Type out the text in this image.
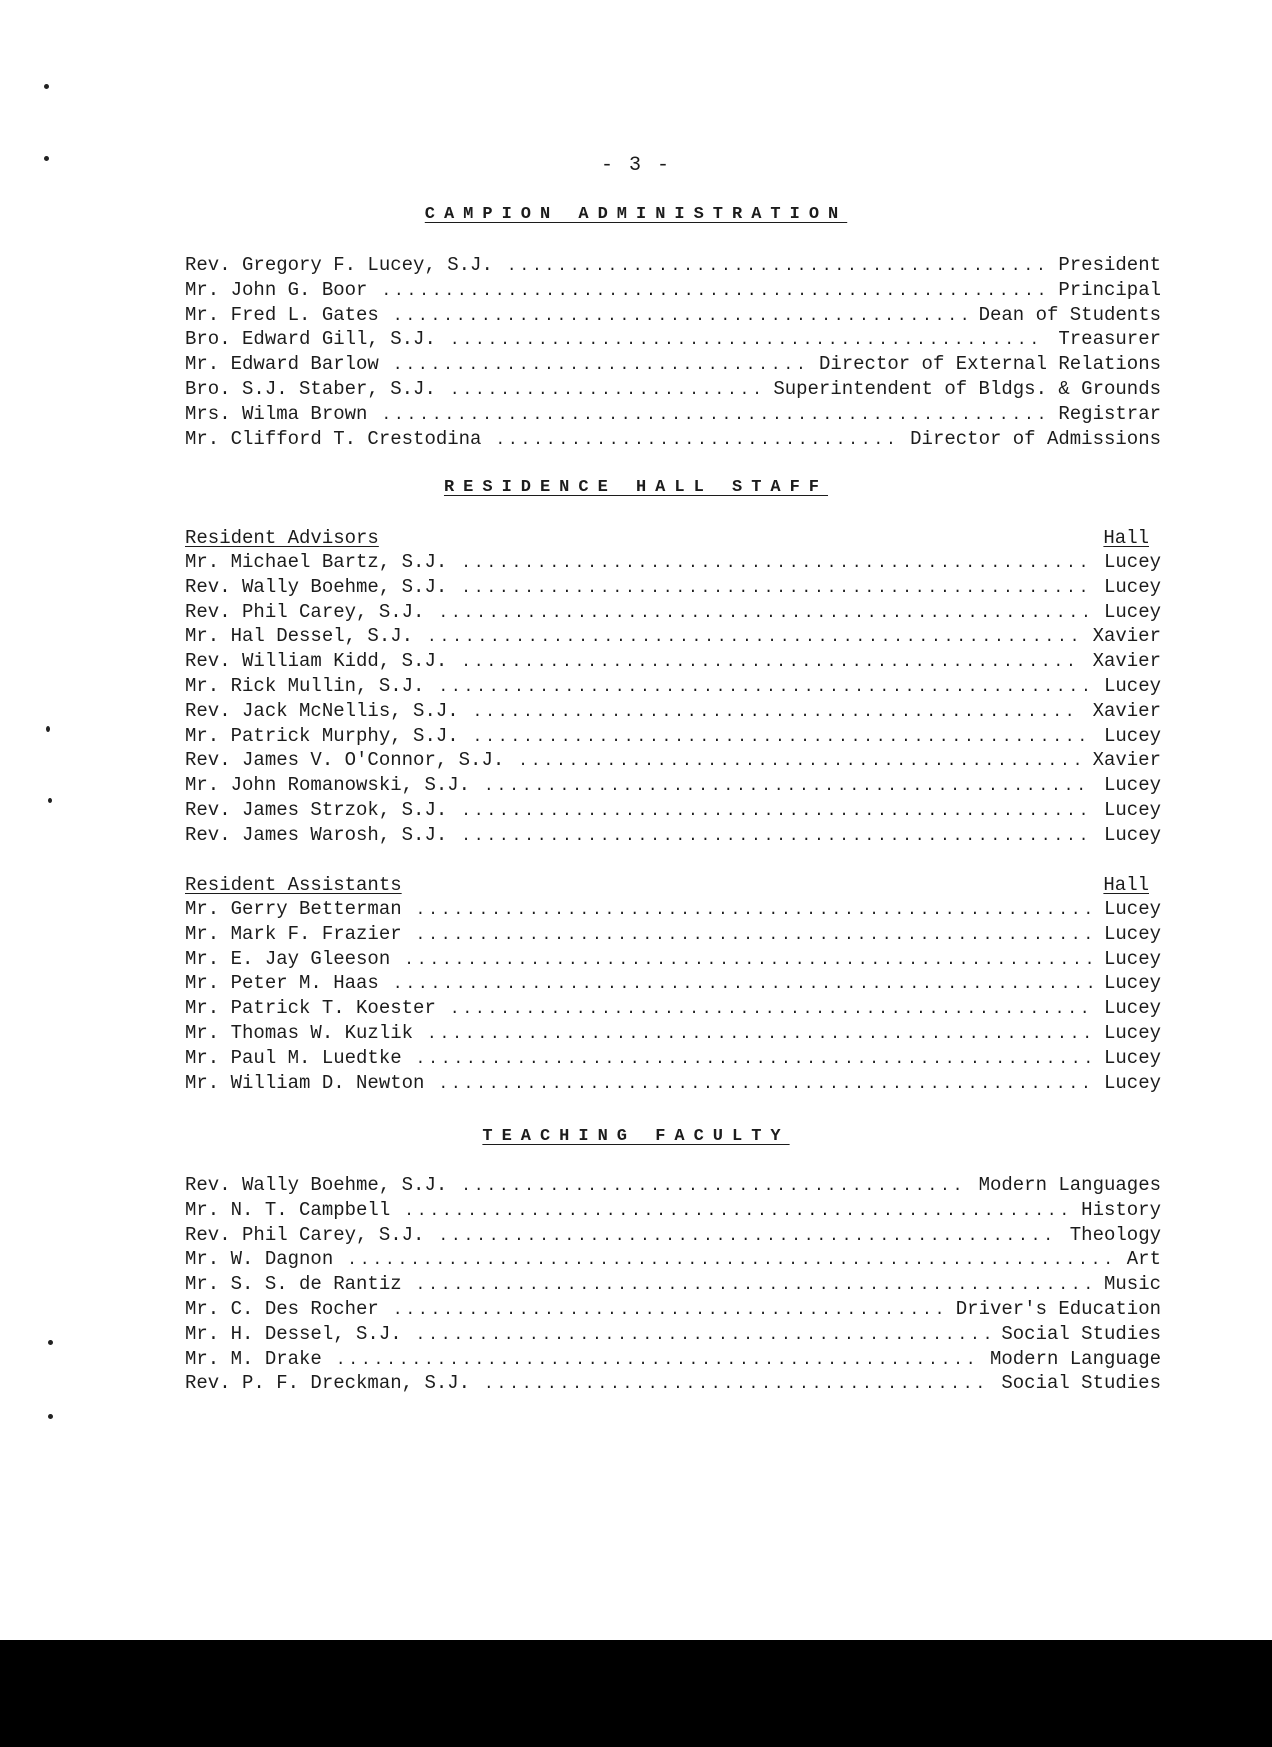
- 3 -
CAMPION ADMINISTRATION
Rev. Gregory F. Lucey, S.J. .....	President
Mr. John G. Boor .....	Principal
Mr. Fred L. Gates .....	Dean of Students
Bro. Edward Gill, S.J. .....	Treasurer
Mr. Edward Barlow .....	Director of External Relations
Bro. S.J. Staber, S.J. .....	Superintendent of Bldgs. & Grounds
Mrs. Wilma Brown .....	Registrar
Mr. Clifford T. Crestodina .....	Director of Admissions
RESIDENCE HALL STAFF
Resident Advisors	Hall
Mr. Michael Bartz, S.J. .....	Lucey
Rev. Wally Boehme, S.J. .....	Lucey
Rev. Phil Carey, S.J. .....	Lucey
Mr. Hal Dessel, S.J. .....	Xavier
Rev. William Kidd, S.J. .....	Xavier
Mr. Rick Mullin, S.J. .....	Lucey
Rev. Jack McNellis, S.J. .....	Xavier
Mr. Patrick Murphy, S.J. .....	Lucey
Rev. James V. O'Connor, S.J. .....	Xavier
Mr. John Romanowski, S.J. .....	Lucey
Rev. James Strzok, S.J. .....	Lucey
Rev. James Warosh, S.J. .....	Lucey
Resident Assistants	Hall
Mr. Gerry Betterman .....	Lucey
Mr. Mark F. Frazier .....	Lucey
Mr. E. Jay Gleeson .....	Lucey
Mr. Peter M. Haas .....	Lucey
Mr. Patrick T. Koester .....	Lucey
Mr. Thomas W. Kuzlik .....	Lucey
Mr. Paul M. Luedtke .....	Lucey
Mr. William D. Newton .....	Lucey
TEACHING FACULTY
Rev. Wally Boehme, S.J. .....	Modern Languages
Mr. N. T. Campbell .....	History
Rev. Phil Carey, S.J. .....	Theology
Mr. W. Dagnon .....	Art
Mr. S. S. de Rantiz .....	Music
Mr. C. Des Rocher .....	Driver's Education
Mr. H. Dessel, S.J. .....	Social Studies
Mr. M. Drake .....	Modern Language
Rev. P. F. Dreckman, S.J. .....	Social Studies
